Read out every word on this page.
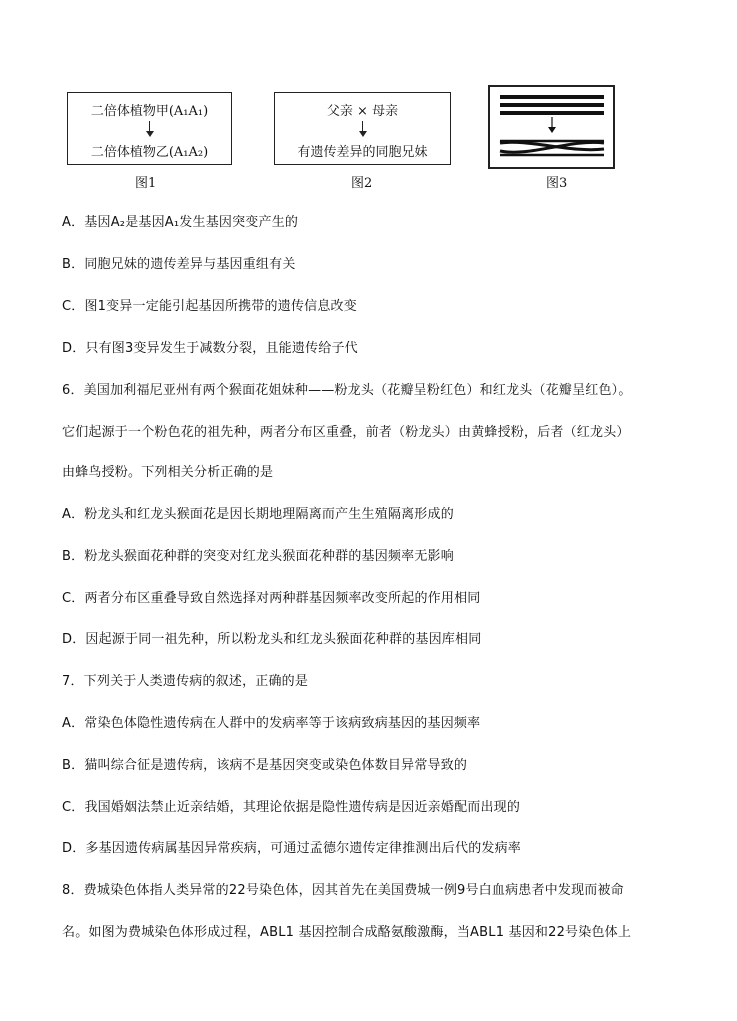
二倍体植物甲(A₁A₁)
二倍体植物乙(A₁A₂)
图1
父亲 × 母亲
有遗传差异的同胞兄妹
图2	图3
A．基因A₂是基因A₁发生基因突变产生的
B．同胞兄妹的遗传差异与基因重组有关
C．图1变异一定能引起基因所携带的遗传信息改变
D．只有图3变异发生于减数分裂，且能遗传给子代
6．美国加利福尼亚州有两个猴面花姐妹种——粉龙头（花瓣呈粉红色）和红龙头（花瓣呈红色）。
它们起源于一个粉色花的祖先种，两者分布区重叠，前者（粉龙头）由黄蜂授粉，后者（红龙头）
由蜂鸟授粉。下列相关分析正确的是
A．粉龙头和红龙头猴面花是因长期地理隔离而产生生殖隔离形成的
B．粉龙头猴面花种群的突变对红龙头猴面花种群的基因频率无影响
C．两者分布区重叠导致自然选择对两种群基因频率改变所起的作用相同
D．因起源于同一祖先种，所以粉龙头和红龙头猴面花种群的基因库相同
7．下列关于人类遗传病的叙述，正确的是
A．常染色体隐性遗传病在人群中的发病率等于该病致病基因的基因频率
B．猫叫综合征是遗传病，该病不是基因突变或染色体数目异常导致的
C．我国婚姻法禁止近亲结婚，其理论依据是隐性遗传病是因近亲婚配而出现的
D．多基因遗传病属基因异常疾病，可通过孟德尔遗传定律推测出后代的发病率
8．费城染色体指人类异常的22号染色体，因其首先在美国费城一例9号白血病患者中发现而被命
名。如图为费城染色体形成过程，ABL1 基因控制合成酪氨酸激酶，当ABL1 基因和22号染色体上
